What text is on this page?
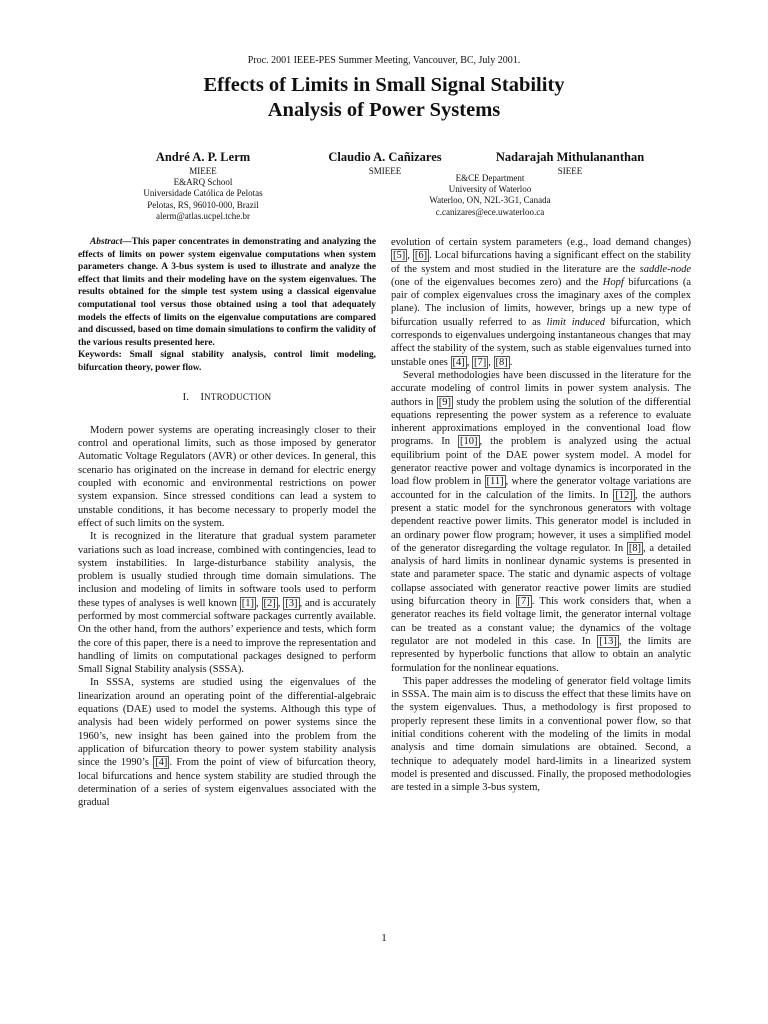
Proc. 2001 IEEE-PES Summer Meeting, Vancouver, BC, July 2001.
Effects of Limits in Small Signal Stability
Analysis of Power Systems
André A. P. Lerm
MIEEE
E&ARQ School
Universidade Católica de Pelotas
Pelotas, RS, 96010-000, Brazil
alerm@atlas.ucpel.tche.br
Claudio A. Cañizares
SMIEEE
Nadarajah Mithulananthan
SIEEE
E&CE Department
University of Waterloo
Waterloo, ON, N2L-3G1, Canada
c.canizares@ece.uwaterloo.ca
Abstract—This paper concentrates in demonstrating and analyzing the effects of limits on power system eigenvalue computations when system parameters change. A 3-bus system is used to illustrate and analyze the effect that limits and their modeling have on the system eigenvalues. The results obtained for the simple test system using a classical eigenvalue computational tool versus those obtained using a tool that adequately models the effects of limits on the eigenvalue computations are compared and discussed, based on time domain simulations to confirm the validity of the various results presented here.
Keywords: Small signal stability analysis, control limit modeling, bifurcation theory, power flow.
I. INTRODUCTION

Modern power systems are operating increasingly closer to their control and operational limits, such as those imposed by generator Automatic Voltage Regulators (AVR) or other devices. In general, this scenario has originated on the increase in demand for electric energy coupled with economic and environmental restrictions on power system expansion. Since stressed conditions can lead a system to unstable conditions, it has become necessary to properly model the effect of such limits on the system.

It is recognized in the literature that gradual system parameter variations such as load increase, combined with contingencies, lead to system instabilities. In large-disturbance stability analysis, the problem is usually studied through time domain simulations. The inclusion and modeling of limits in software tools used to perform these types of analyses is well known [1] , [2] , [3] , and is accurately performed by most commercial software packages currently available. On the other hand, from the authors’ experience and tests, which form the core of this paper, there is a need to improve the representation and handling of limits on computational packages designed to perform Small Signal Stability analysis (SSSA).

In SSSA, systems are studied using the eigenvalues of the linearization around an operating point of the differential-algebraic equations (DAE) used to model the systems. Although this type of analysis had been widely performed on power systems since the 1960’s, new insight has been gained into the problem from the application of bifurcation theory to power system stability analysis since the 1990’s [4] . From the point of view of bifurcation theory, local bifurcations and hence system stability are studied through the determination of a series of system eigenvalues associated with the gradual

evolution of certain system parameters (e.g., load demand changes) [5] , [6] . Local bifurcations having a significant effect on the stability of the system and most studied in the literature are the saddle-node (one of the eigenvalues becomes zero) and the Hopf bifurcations (a pair of complex eigenvalues cross the imaginary axes of the complex plane). The inclusion of limits, however, brings up a new type of bifurcation usually referred to as limit induced bifurcation, which corresponds to eigenvalues undergoing instantaneous changes that may affect the stability of the system, such as stable eigenvalues turned into unstable ones [4] , [7] , [8] .

Several methodologies have been discussed in the literature for the accurate modeling of control limits in power system analysis. The authors in [9] study the problem using the solution of the differential equations representing the power system as a reference to evaluate inherent approximations employed in the conventional load flow programs. In [10] , the problem is analyzed using the actual equilibrium point of the DAE power system model. A model for generator reactive power and voltage dynamics is incorporated in the load flow problem in [11] , where the generator voltage variations are accounted for in the calculation of the limits. In [12] , the authors present a static model for the synchronous generators with voltage dependent reactive power limits. This generator model is included in an ordinary power flow program; however, it uses a simplified model of the generator disregarding the voltage regulator. In [8] , a detailed analysis of hard limits in nonlinear dynamic systems is presented in state and parameter space. The static and dynamic aspects of voltage collapse associated with generator reactive power limits are studied using bifurcation theory in [7] . This work considers that, when a generator reaches its field voltage limit, the generator internal voltage can be treated as a constant value; the dynamics of the voltage regulator are not modeled in this case. In [13] , the limits are represented by hyperbolic functions that allow to obtain an analytic formulation for the nonlinear equations.

This paper addresses the modeling of generator field voltage limits in SSSA. The main aim is to discuss the effect that these limits have on the system eigenvalues. Thus, a methodology is first proposed to properly represent these limits in a conventional power flow, so that initial conditions coherent with the modeling of the limits in modal analysis and time domain simulations are obtained. Second, a technique to adequately model hard-limits in a linearized system model is presented and discussed. Finally, the proposed methodologies are tested in a simple 3-bus system,

1
